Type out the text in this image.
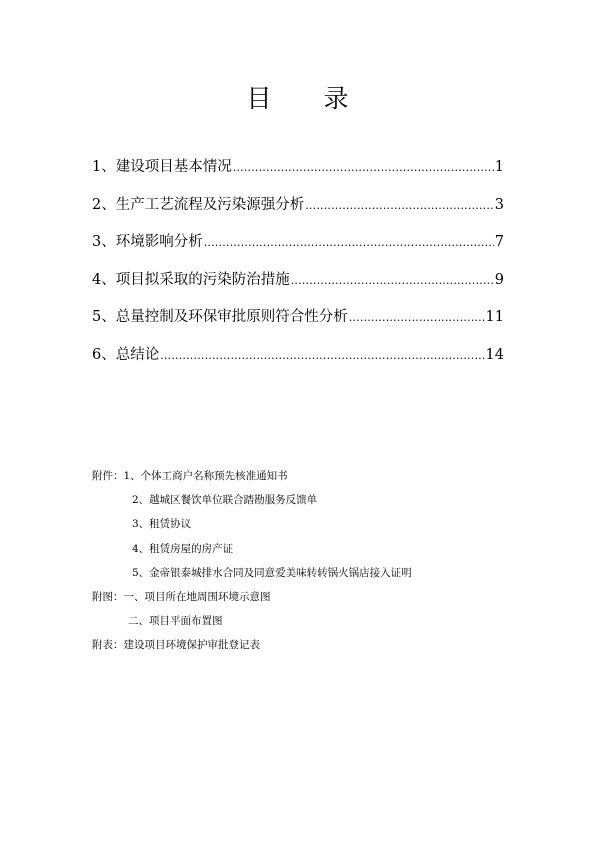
目 录
1、建设项目基本情况 .....	1
2、生产工艺流程及污染源强分析 .....	3
3、环境影响分析 .....	7
4、项目拟采取的污染防治措施 .....	9
5、总量控制及环保审批原则符合性分析 .....	11
6、总结论 .....	14
附件：1、个体工商户名称预先核准通知书
2、越城区餐饮单位联合踏勘服务反馈单
3、租赁协议
4、租赁房屋的房产证
5、金帝银泰城排水合同及同意爱美味转转锅火锅店接入证明
附图：一、项目所在地周围环境示意图
二、项目平面布置图
附表：建设项目环境保护审批登记表
